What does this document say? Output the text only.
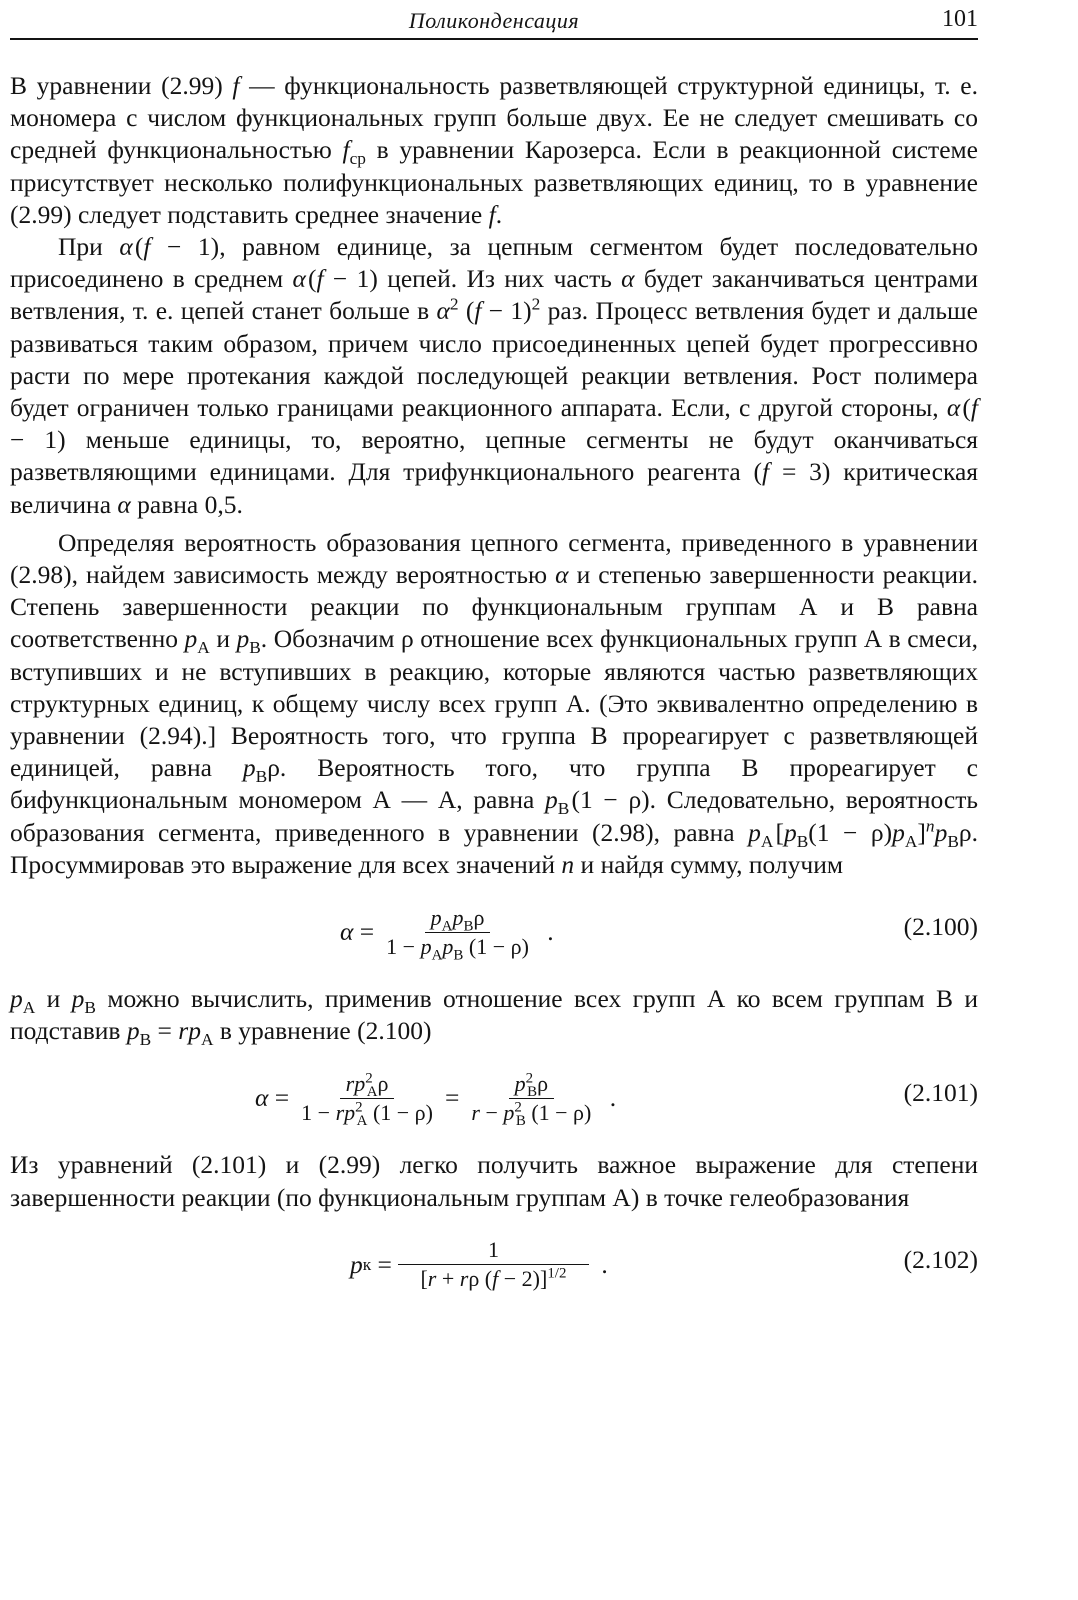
Поликонденсация	101

В уравнении (2.99) f — функциональность разветвляющей структурной единицы, т. е. мономера с числом функциональных групп больше двух. Ее не следует смешивать со средней функциональностью $f_{ср}$ в уравнении Карозерса. Если в реакционной системе присутствует несколько полифункциональных разветвляющих единиц, то в уравнение (2.99) следует подставить среднее значение f.

При α (f − 1), равном единице, за цепным сегментом будет последовательно присоединено в среднем α (f − 1) цепей. Из них часть α будет заканчиваться центрами ветвления, т. е. цепей станет больше в $\alpha^2$ $(f - 1)^2$ раз. Процесс ветвления будет и дальше развиваться таким образом, причем число присоединенных цепей будет прогрессивно расти по мере протекания каждой последующей реакции ветвления. Рост полимера будет ограничен только границами реакционного аппарата. Если, с другой стороны, α (f − 1) меньше единицы, то, вероятно, цепные сегменты не будут оканчиваться разветвляющими единицами. Для трифункционального реагента (f = 3) критическая величина α равна 0,5.

Определяя вероятность образования цепного сегмента, приведенного в уравнении (2.98), найдем зависимость между вероятностью α и степенью завершенности реакции. Степень завершенности реакции по функциональным группам А и В равна соответственно $p_A$ и $p_B$. Обозначим ρ отношение всех функциональных групп А в смеси, вступивших и не вступивших в реакцию, которые являются частью разветвляющих структурных единиц, к общему числу всех групп А. (Это эквивалентно определению в уравнении (2.94).] Вероятность того, что группа В прореагирует с разветвляющей единицей, равна $p_B\rho$. Вероятность того, что группа В прореагирует с бифункциональным мономером А — А, равна $p_B$ (1 − ρ). Следовательно, вероятность образования сегмента, приведенного в уравнении (2.98), равна $p_A$ $[p_B(1 - \rho)p_A]^np_B\rho$. Просуммировав это выражение для всех значений n и найдя сумму, получим

$\alpha = \frac{p_Ap_B\rho}{1 - p_Ap_B (1 - \rho)}$ .	(2.100)

$p_A$ и $p_B$ можно вычислить, применив отношение всех групп А ко всем группам В и подставив $p_B = rp_A$ в уравнение (2.100)

$\alpha = \frac{rp^2_A\rho}{1 - rp^2_A (1 - \rho)} = \frac{p^2_B\rho}{r - p^2_B (1 - \rho)}$ .	(2.101)

Из уравнений (2.101) и (2.99) легко получить важное выражение для степени завершенности реакции (по функциональным группам А) в точке гелеобразования

p $к = \frac{1}{[r + r\rho (f - 2)]^{1/2}}$ .	(2.102)
